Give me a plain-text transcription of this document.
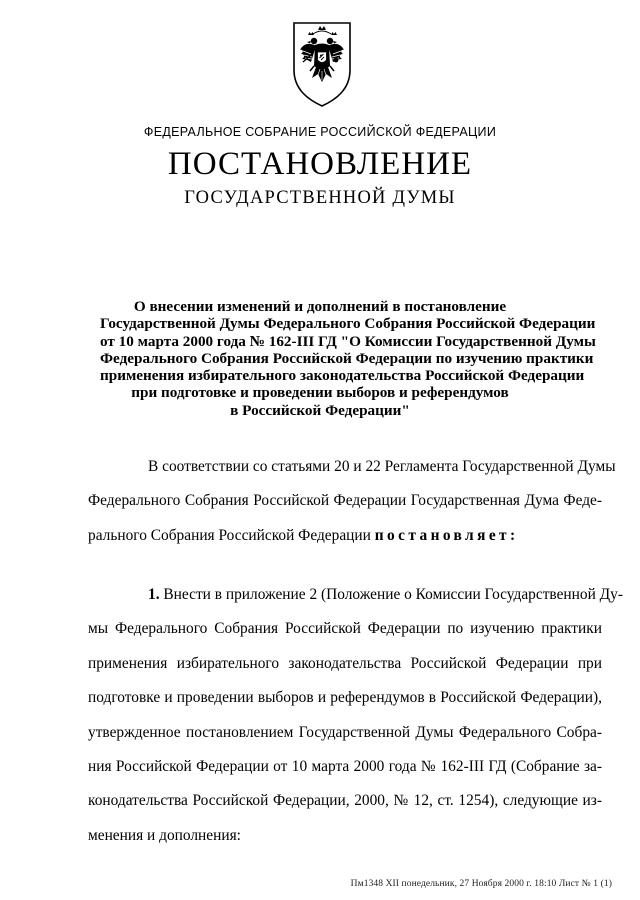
ФЕДЕРАЛЬНОЕ СОБРАНИЕ РОССИЙСКОЙ ФЕДЕРАЦИИ
ПОСТАНОВЛЕНИЕ
ГОСУДАРСТВЕННОЙ ДУМЫ
О внесении изменений и дополнений в постановление
Государственной Думы Федерального Собрания Российской Федерации
от 10 марта 2000 года № 162-III ГД "О Комиссии Государственной Думы
Федерального Собрания Российской Федерации по изучению практики
применения избирательного законодательства Российской Федерации
при подготовке и проведении выборов и референдумов
в Российской Федерации"
В соответствии со статьями 20 и 22 Регламента Государственной Думы
Федерального Собрания Российской Федерации Государственная Дума Феде-
рального Собрания Российской Федерации постановляет:
1. Внести в приложение 2 (Положение о Комиссии Государственной Ду-
мы Федерального Собрания Российской Федерации по изучению практики
применения избирательного законодательства Российской Федерации при
подготовке и проведении выборов и референдумов в Российской Федерации),
утвержденное постановлением Государственной Думы Федерального Собра-
ния Российской Федерации от 10 марта 2000 года № 162-III ГД (Собрание за-
конодательства Российской Федерации, 2000, № 12, ст. 1254), следующие из-
менения и дополнения:
Пм1348 XII понедельник, 27 Ноября 2000 г. 18:10 Лист № 1 (1)
